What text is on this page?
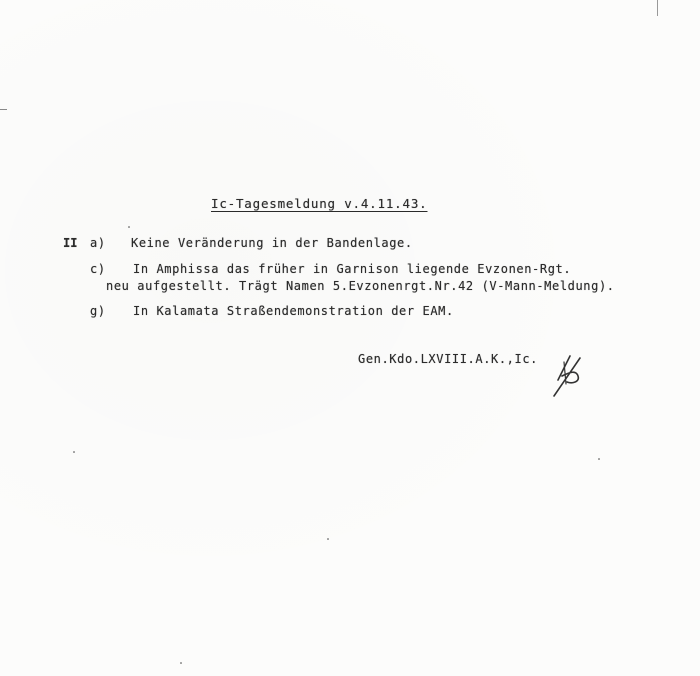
Ic-Tagesmeldung v.4.11.43.
II a) Keine Veränderung in der Bandenlage.
c) In Amphissa das früher in Garnison liegende Evzonen-Rgt.
neu aufgestellt. Trägt Namen 5.Evzonenrgt.Nr.42 (V-Mann-Meldung).
g) In Kalamata Straßendemonstration der EAM.
Gen.Kdo.LXVIII.A.K.,Ic.
